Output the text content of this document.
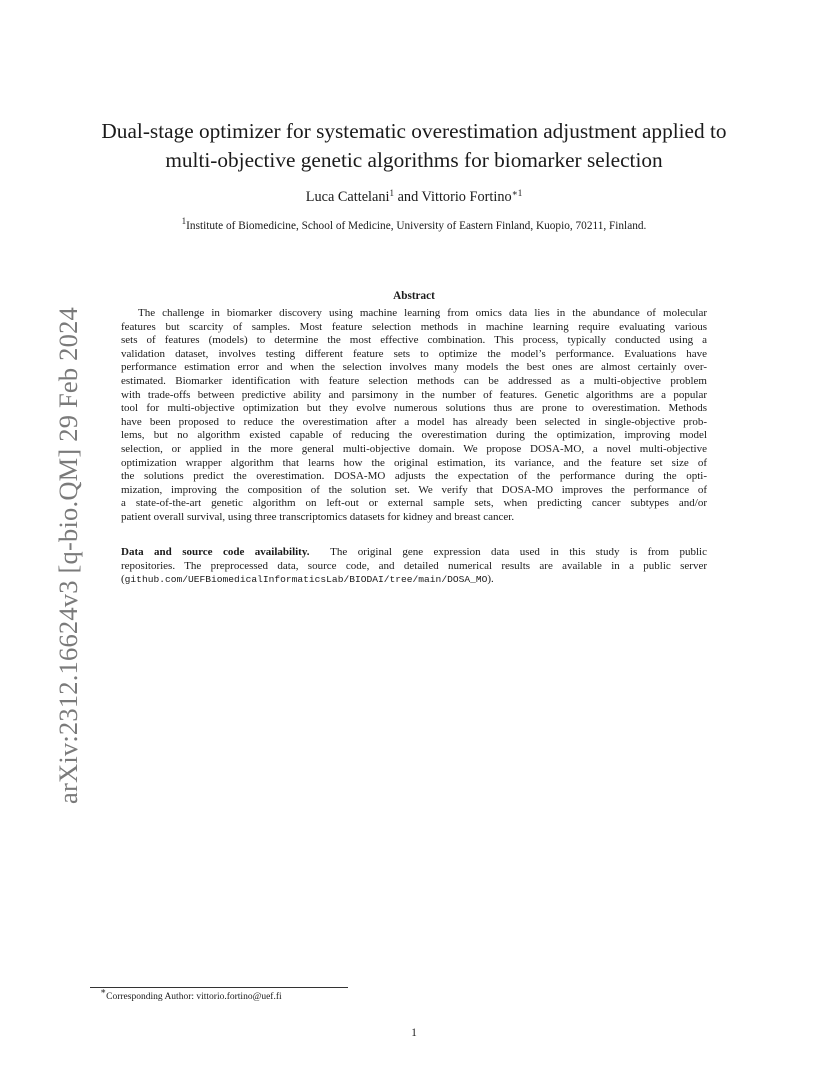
arXiv:2312.16624v3 [q-bio.QM] 29 Feb 2024
Dual-stage optimizer for systematic overestimation adjustment applied to
multi-objective genetic algorithms for biomarker selection
Luca Cattelani$^1$ and Vittorio Fortino$^{∗1}$
$^1$Institute of Biomedicine, School of Medicine, University of Eastern Finland, Kuopio, 70211, Finland.
Abstract
The challenge in biomarker discovery using machine learning from omics data lies in the abundance of molecular
features but scarcity of samples. Most feature selection methods in machine learning require evaluating various
sets of features (models) to determine the most effective combination. This process, typically conducted using a
validation dataset, involves testing different feature sets to optimize the model’s performance. Evaluations have
performance estimation error and when the selection involves many models the best ones are almost certainly over-
estimated. Biomarker identification with feature selection methods can be addressed as a multi-objective problem
with trade-offs between predictive ability and parsimony in the number of features. Genetic algorithms are a popular
tool for multi-objective optimization but they evolve numerous solutions thus are prone to overestimation. Methods
have been proposed to reduce the overestimation after a model has already been selected in single-objective prob-
lems, but no algorithm existed capable of reducing the overestimation during the optimization, improving model
selection, or applied in the more general multi-objective domain. We propose DOSA-MO, a novel multi-objective
optimization wrapper algorithm that learns how the original estimation, its variance, and the feature set size of
the solutions predict the overestimation. DOSA-MO adjusts the expectation of the performance during the opti-
mization, improving the composition of the solution set. We verify that DOSA-MO improves the performance of
a state-of-the-art genetic algorithm on left-out or external sample sets, when predicting cancer subtypes and/or
patient overall survival, using three transcriptomics datasets for kidney and breast cancer.
Data and source code availability.  The original gene expression data used in this study is from public
repositories. The preprocessed data, source code, and detailed numerical results are available in a public server
(github.com/UEFBiomedicalInformaticsLab/BIODAI/tree/main/DOSA_MO).
∗Corresponding Author: vittorio.fortino@uef.fi
1
